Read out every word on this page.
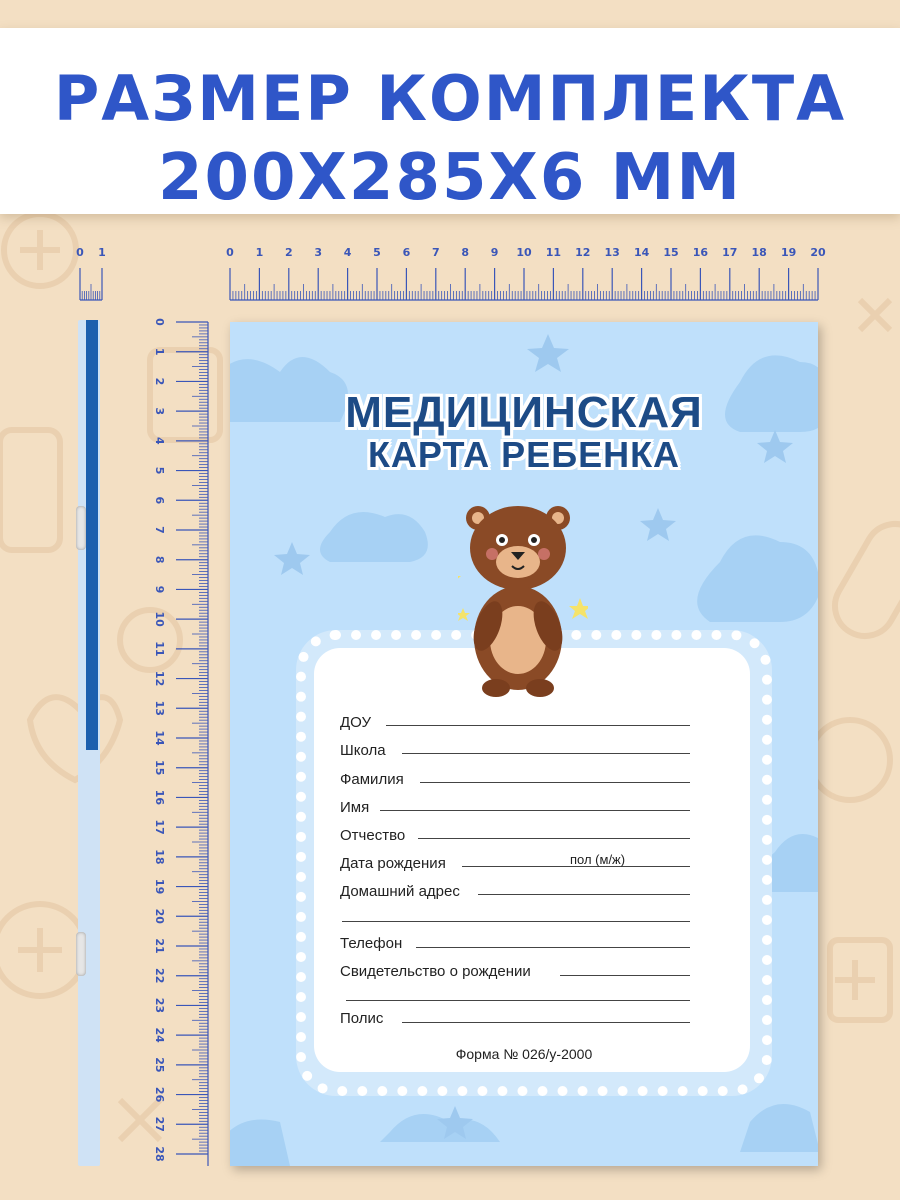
РАЗМЕР КОМПЛЕКТА
200Х285Х6 ММ
0 1 2 3 4 5 6 7 8 9 10 11 12 13 14 15 16 17 18 19 20
0 1
0
1
2
3
4
5
6
7
8
9
10
11
12
13
14
15
16
17
18
19
20
21
22
23
24
25
26
27
28
МЕДИЦИНСКАЯ
КАРТА РЕБЕНКА
ДОУ
Школа
Фамилия
Имя
Отчество
Дата рождения	пол (м/ж)
Домашний адрес
Телефон
Свидетельство о рождении
Полис
Форма № 026/у-2000
